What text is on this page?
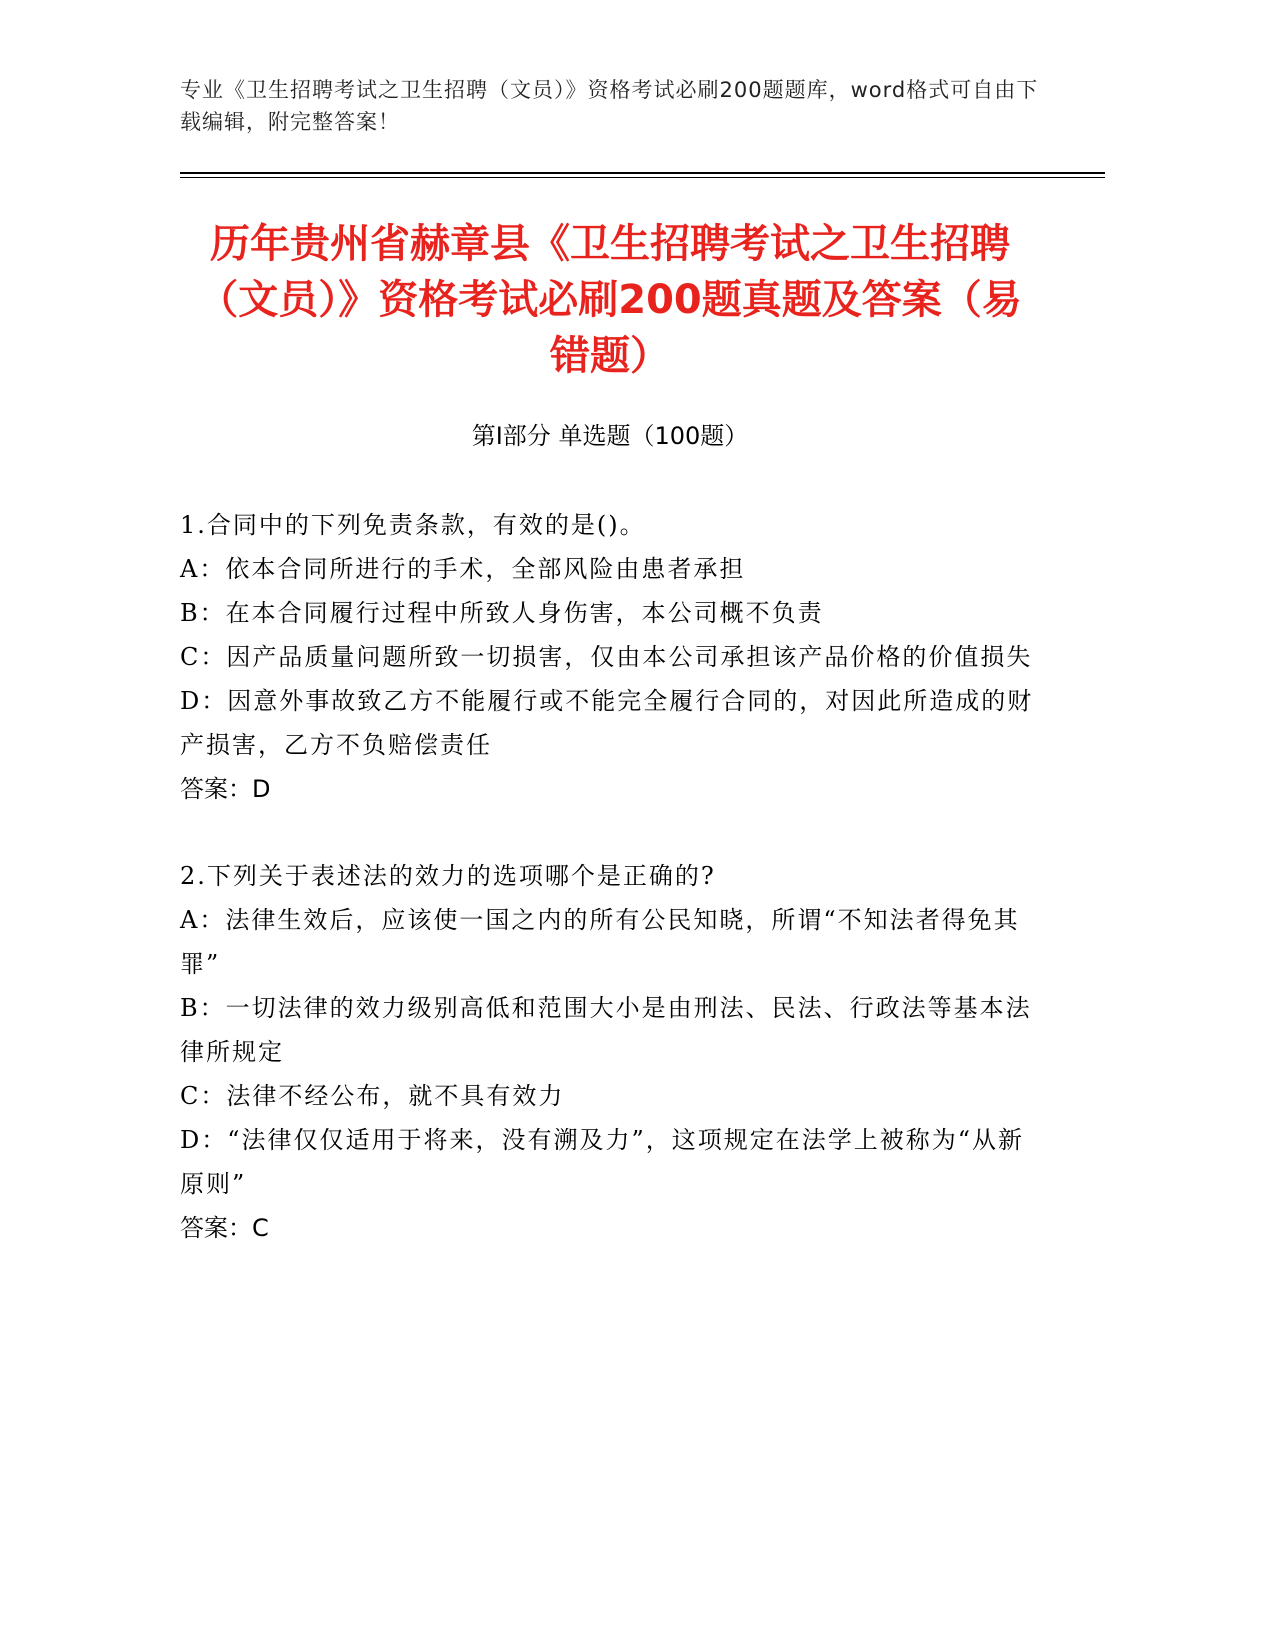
专业《卫生招聘考试之卫生招聘（文员）》资格考试必刷200题题库，word格式可自由下载编辑，附完整答案！
历年贵州省赫章县《卫生招聘考试之卫生招聘（文员）》资格考试必刷200题真题及答案（易错题）
第Ⅰ部分 单选题（100题）

1.合同中的下列免责条款，有效的是()。

A：依本合同所进行的手术，全部风险由患者承担

B：在本合同履行过程中所致人身伤害，本公司概不负责

C：因产品质量问题所致一切损害，仅由本公司承担该产品价格的价值损失

D：因意外事故致乙方不能履行或不能完全履行合同的，对因此所造成的财产损害，乙方不负赔偿责任

答案：D

2.下列关于表述法的效力的选项哪个是正确的?

A：法律生效后，应该使一国之内的所有公民知晓，所谓“不知法者得免其罪”

B：一切法律的效力级别高低和范围大小是由刑法、民法、行政法等基本法律所规定

C：法律不经公布，就不具有效力

D：“法律仅仅适用于将来，没有溯及力”，这项规定在法学上被称为“从新原则”

答案：C
